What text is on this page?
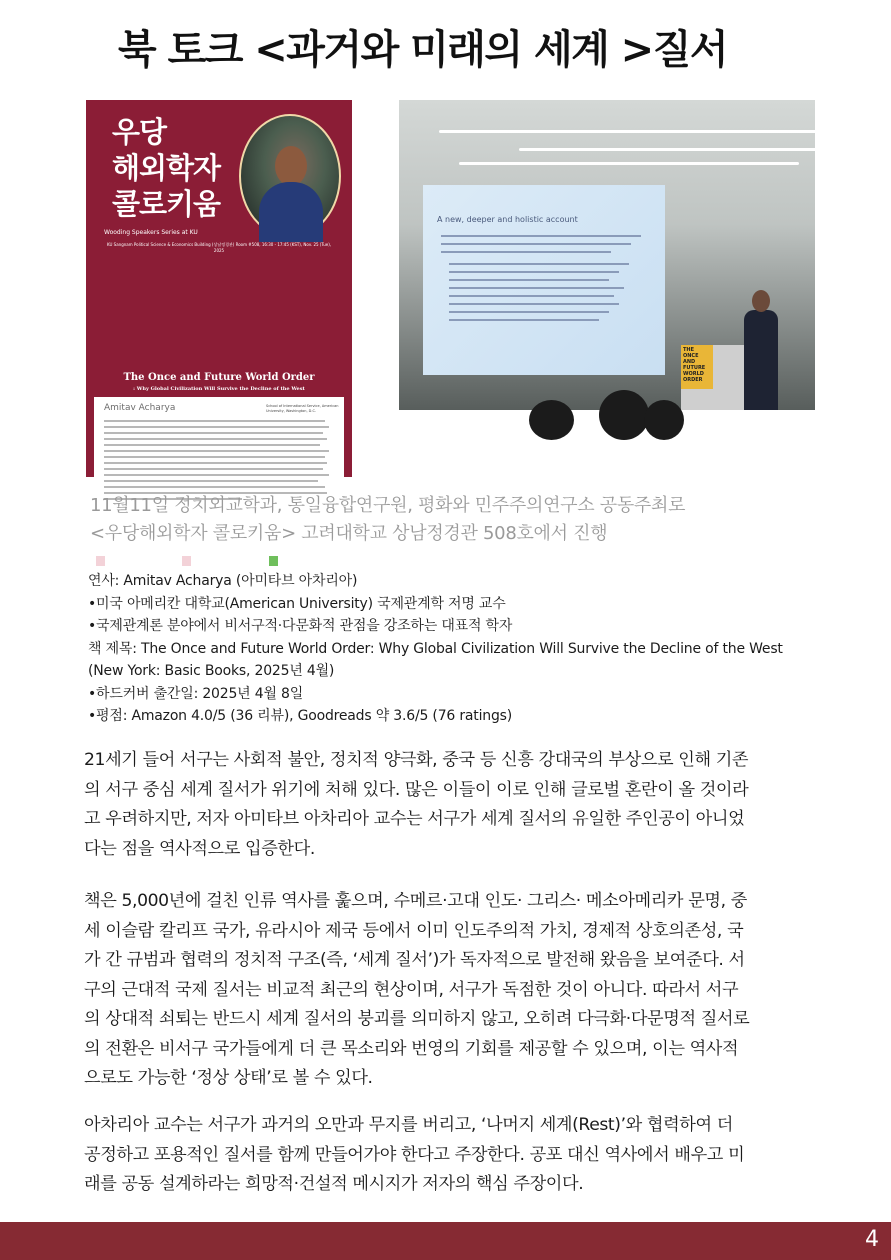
북 토크 <과거와 미래의 세계 >질서
우당
해외학자
콜로키움
Wooding Speakers Series at KU
KU Sangnam Political Science & Economics Building (상남정경관) Room #508, 16:30 - 17:45 (KST), Nov. 25 (Tue), 2025
The Once and Future World Order
: Why Global Civilization Will Survive the Decline of the West
Amitav Acharya	School of International Service, American University, Washington, D.C.
고려대학교 정치외교학과	고려대학교 통일융합연구원	평화와민주주의연구소
A new, deeper and holistic account
THE ONCE AND FUTURE WORLD ORDER
11월11일 정치외교학과, 통일융합연구원, 평화와 민주주의연구소 공동주최로
<우당해외학자 콜로키움> 고려대학교 상남정경관 508호에서 진행
연사: Amitav Acharya (아미타브 아차리아)
•미국 아메리칸 대학교(American University) 국제관계학 저명 교수
•국제관계론 분야에서 비서구적·다문화적 관점을 강조하는 대표적 학자
책 제목: The Once and Future World Order: Why Global Civilization Will Survive the Decline of the West
(New York: Basic Books, 2025년 4월)
•하드커버 출간일: 2025년 4월 8일
•평점: Amazon 4.0/5 (36 리뷰), Goodreads 약 3.6/5 (76 ratings)
21세기 들어 서구는 사회적 불안, 정치적 양극화, 중국 등 신흥 강대국의 부상으로 인해 기존
의 서구 중심 세계 질서가 위기에 처해 있다. 많은 이들이 이로 인해 글로벌 혼란이 올 것이라
고 우려하지만, 저자 아미타브 아차리아 교수는 서구가 세계 질서의 유일한 주인공이 아니었
다는 점을 역사적으로 입증한다.
책은 5,000년에 걸친 인류 역사를 훑으며, 수메르·고대 인도· 그리스· 메소아메리카 문명, 중
세 이슬람 칼리프 국가, 유라시아 제국 등에서 이미 인도주의적 가치, 경제적 상호의존성, 국
가 간 규범과 협력의 정치적 구조(즉, ‘세계 질서’)가 독자적으로 발전해 왔음을 보여준다. 서
구의 근대적 국제 질서는 비교적 최근의 현상이며, 서구가 독점한 것이 아니다. 따라서 서구
의 상대적 쇠퇴는 반드시 세계 질서의 붕괴를 의미하지 않고, 오히려 다극화·다문명적 질서로
의 전환은 비서구 국가들에게 더 큰 목소리와 번영의 기회를 제공할 수 있으며, 이는 역사적
으로도 가능한 ‘정상 상태’로 볼 수 있다.
아차리아 교수는 서구가 과거의 오만과 무지를 버리고, ‘나머지 세계(Rest)’와 협력하여 더
공정하고 포용적인 질서를 함께 만들어가야 한다고 주장한다. 공포 대신 역사에서 배우고 미
래를 공동 설계하라는 희망적·건설적 메시지가 저자의 핵심 주장이다.
4
